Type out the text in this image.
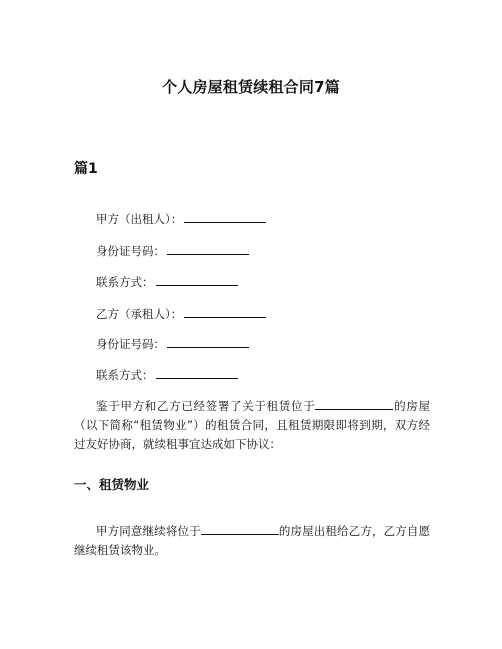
个人房屋租赁续租合同7篇
篇1
甲方（出租人）：
身份证号码：
联系方式：
乙方（承租人）：
身份证号码：
联系方式：
鉴于甲方和乙方已经签署了关于租赁位于	的房屋（以下简称“租赁物业”）的租赁合同，且租赁期限即将到期，双方经过友好协商，就续租事宜达成如下协议：
一、租赁物业
甲方同意继续将位于	的房屋出租给乙方，乙方自愿继续租赁该物业。
